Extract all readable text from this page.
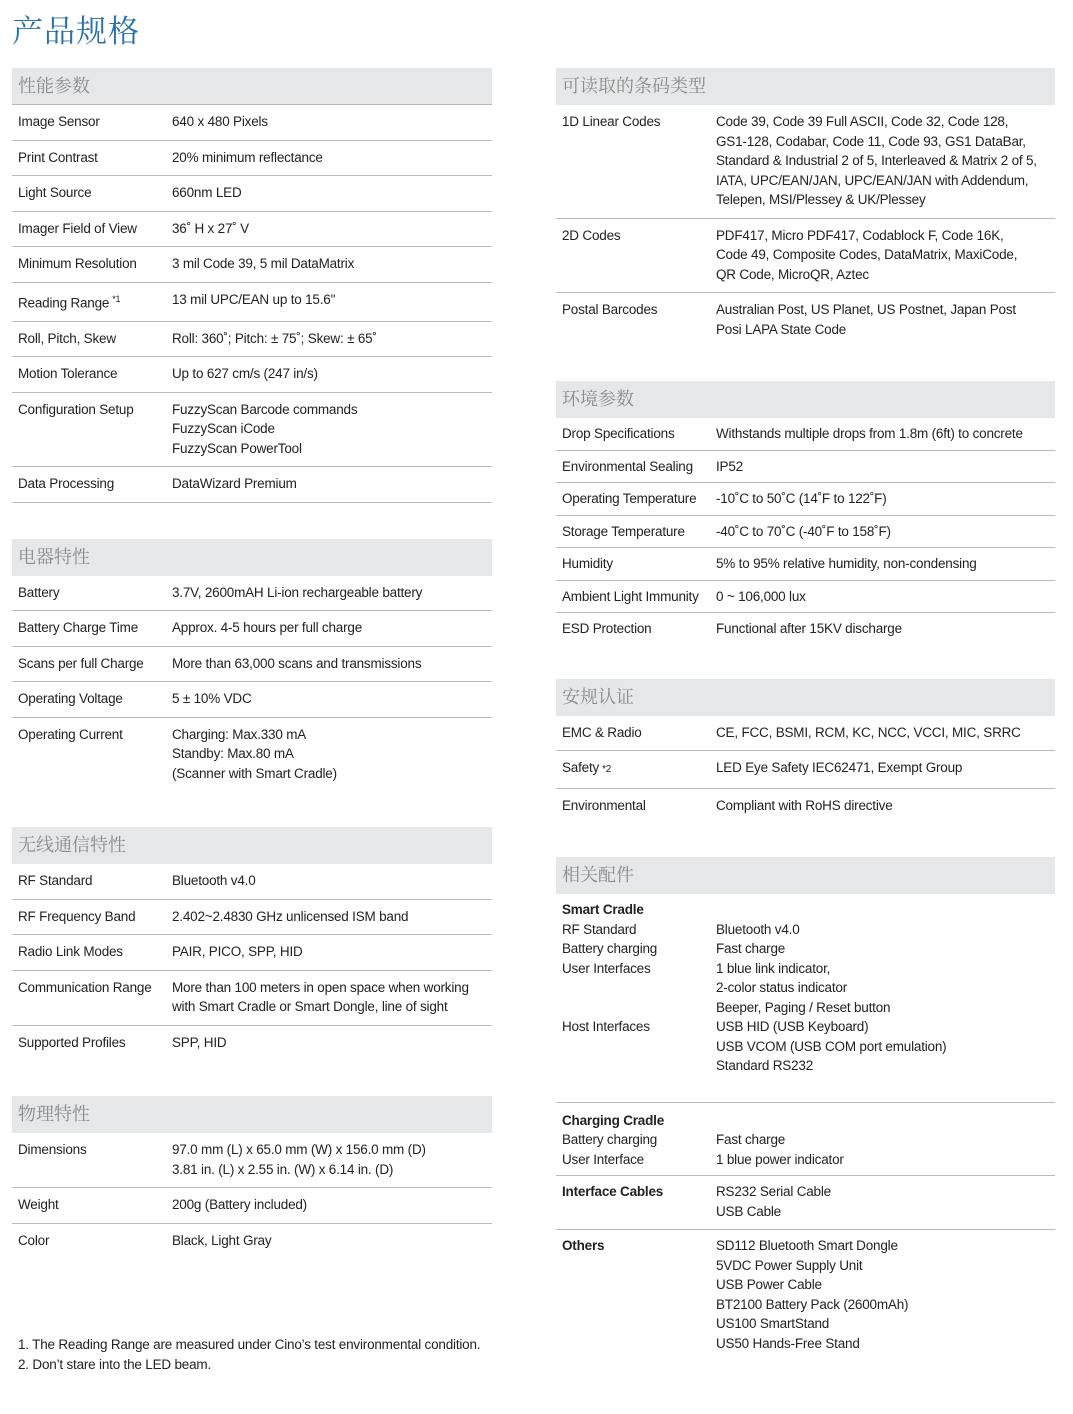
产品规格
性能参数
Image Sensor	640 x 480 Pixels
Print Contrast	20% minimum reflectance
Light Source	660nm LED
Imager Field of View	36˚ H x 27˚ V
Minimum Resolution	3 mil Code 39, 5 mil DataMatrix
Reading Range $^{*1}$	13 mil UPC/EAN up to 15.6"
Roll, Pitch, Skew	Roll: 360˚; Pitch: ± 75˚; Skew: ± 65˚
Motion Tolerance	Up to 627 cm/s (247 in/s)
Configuration Setup	FuzzyScan Barcode commands
FuzzyScan iCode
FuzzyScan PowerTool
Data Processing	DataWizard Premium
电器特性
Battery	3.7V, 2600mAH Li-ion rechargeable battery
Battery Charge Time	Approx. 4-5 hours per full charge
Scans per full Charge	More than 63,000 scans and transmissions
Operating Voltage	5 ± 10% VDC
Operating Current	Charging: Max.330 mA
Standby: Max.80 mA
(Scanner with Smart Cradle)
无线通信特性
RF Standard	Bluetooth v4.0
RF Frequency Band	2.402~2.4830 GHz unlicensed ISM band
Radio Link Modes	PAIR, PICO, SPP, HID
Communication Range	More than 100 meters in open space when working
with Smart Cradle or Smart Dongle, line of sight
Supported Profiles	SPP, HID
物理特性
Dimensions	97.0 mm (L) x 65.0 mm (W) x 156.0 mm (D)
3.81 in. (L) x 2.55 in. (W) x 6.14 in. (D)
Weight	200g (Battery included)
Color	Black, Light Gray
1. The Reading Range are measured under Cino’s test environmental condition.
2. Don’t stare into the LED beam.
可读取的条码类型
1D Linear Codes	Code 39, Code 39 Full ASCII, Code 32, Code 128,
GS1-128, Codabar, Code 11, Code 93, GS1 DataBar,
Standard & Industrial 2 of 5, Interleaved & Matrix 2 of 5,
IATA, UPC/EAN/JAN, UPC/EAN/JAN with Addendum,
Telepen, MSI/Plessey & UK/Plessey
2D Codes	PDF417, Micro PDF417, Codablock F, Code 16K,
Code 49, Composite Codes, DataMatrix, MaxiCode,
QR Code, MicroQR, Aztec
Postal Barcodes	Australian Post, US Planet, US Postnet, Japan Post
Posi LAPA State Code
环境参数
Drop Specifications	Withstands multiple drops from 1.8m (6ft) to concrete
Environmental Sealing	IP52
Operating Temperature	-10˚C to 50˚C (14˚F to 122˚F)
Storage Temperature	-40˚C to 70˚C (-40˚F to 158˚F)
Humidity	5% to 95% relative humidity, non-condensing
Ambient Light Immunity	0 ~ 106,000 lux
ESD Protection	Functional after 15KV discharge
安规认证
EMC & Radio	CE, FCC, BSMI, RCM, KC, NCC, VCCI, MIC, SRRC
Safety *2	LED Eye Safety IEC62471, Exempt Group
Environmental	Compliant with RoHS directive
相关配件
Smart Cradle
RF Standard	Bluetooth v4.0
Battery charging	Fast charge
User Interfaces	1 blue link indicator,
2-color status indicator
Beeper, Paging / Reset button
Host Interfaces	USB HID (USB Keyboard)
USB VCOM (USB COM port emulation)
Standard RS232
Charging Cradle
Battery charging	Fast charge
User Interface	1 blue power indicator
Interface Cables	RS232 Serial Cable
USB Cable
Others	SD112 Bluetooth Smart Dongle
5VDC Power Supply Unit
USB Power Cable
BT2100 Battery Pack (2600mAh)
US100 SmartStand
US50 Hands-Free Stand
